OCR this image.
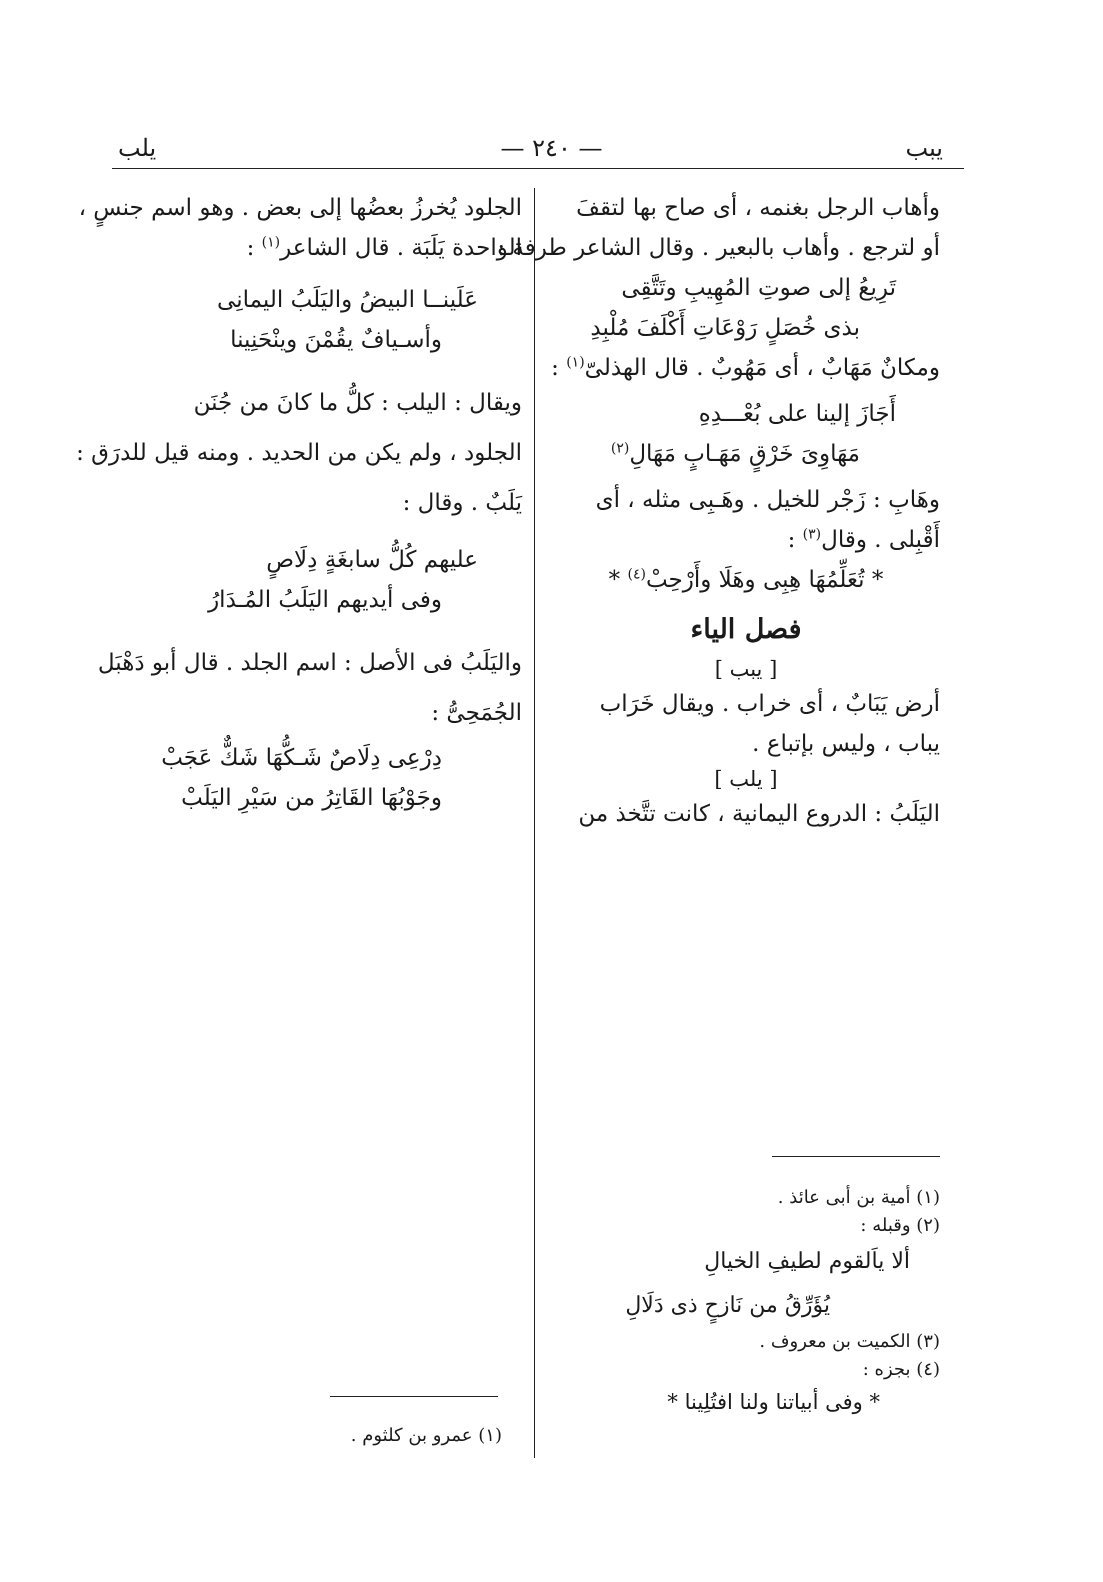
— ٢٤٠ —	يبب
يلب
وأهاب الرجل بغنمه ، أى صاح بها لتقفَ
أو لترجع . وأهاب بالبعير . وقال الشاعر طرفة :
تَرِيعُ إلى صوتِ المُهِيبِ وتَتَّقِى
بذى خُصَلٍ رَوْعَاتِ أَكْلَفَ مُلْبِدِ
ومكانٌ مَهَابٌ ، أى مَهُوبٌ . قال الهذلىّ$^{(١)}$ :
أَجَازَ إلينا على بُعْـــدِهِ
مَهَاوِىَ خَرْقٍ مَهَـابٍ مَهَالِ$^{(٢)}$
وهَابِ : زَجْر للخيل . وهَـبِى مثله ، أى
أَقْبِلى . وقال$^{(٣)}$ :
* تُعَلِّمُهَا هِبِى وهَلَا وأَرْحِبْ$^{(٤)}$ *
فصل الياء
[ يبب ]
أرض يَبَابٌ ، أى خراب . ويقال خَرَاب
يباب ، وليس بإتباع .
[ يلب ]
اليَلَبُ : الدروع اليمانية ، كانت تتَّخذ من
الجلود يُخرزُ بعضُها إلى بعض . وهو اسم جنسٍ ،
الواحدة يَلَبَة . قال الشاعر$^{(١)}$ :
عَلَينــا البيضُ واليَلَبُ اليمانِى
وأسـيافٌ يقُمْنَ وينْحَنِينا
ويقال : اليلب : كلُّ ما كانَ من جُنَن
الجلود ، ولم يكن من الحديد . ومنه قيل للدرَق :
يَلَبٌ . وقال :
عليهم كُلُّ سابغَةٍ دِلَاصٍ
وفى أيديهم اليَلَبُ المُـدَارُ
واليَلَبُ فى الأصل : اسم الجلد . قال أبو دَهْبَل
الجُمَحِىُّ :
دِرْعِى دِلَاصٌ شَـكُّهَا شَكٌّ عَجَبْ
وجَوْبُهَا القَاتِرُ من سَيْرِ اليَلَبْ
(١) أمية بن أبى عائذ .
(٢) وقبله :
ألا ياَلقوم لطيفِ الخيالِ
يُؤَرِّقُ من نَازحٍ ذى دَلَالِ
(٣) الكميت بن معروف .
(٤) بجزه :
* وفى أبياتنا ولنا افتُلِينا *
(١) عمرو بن كلثوم .
